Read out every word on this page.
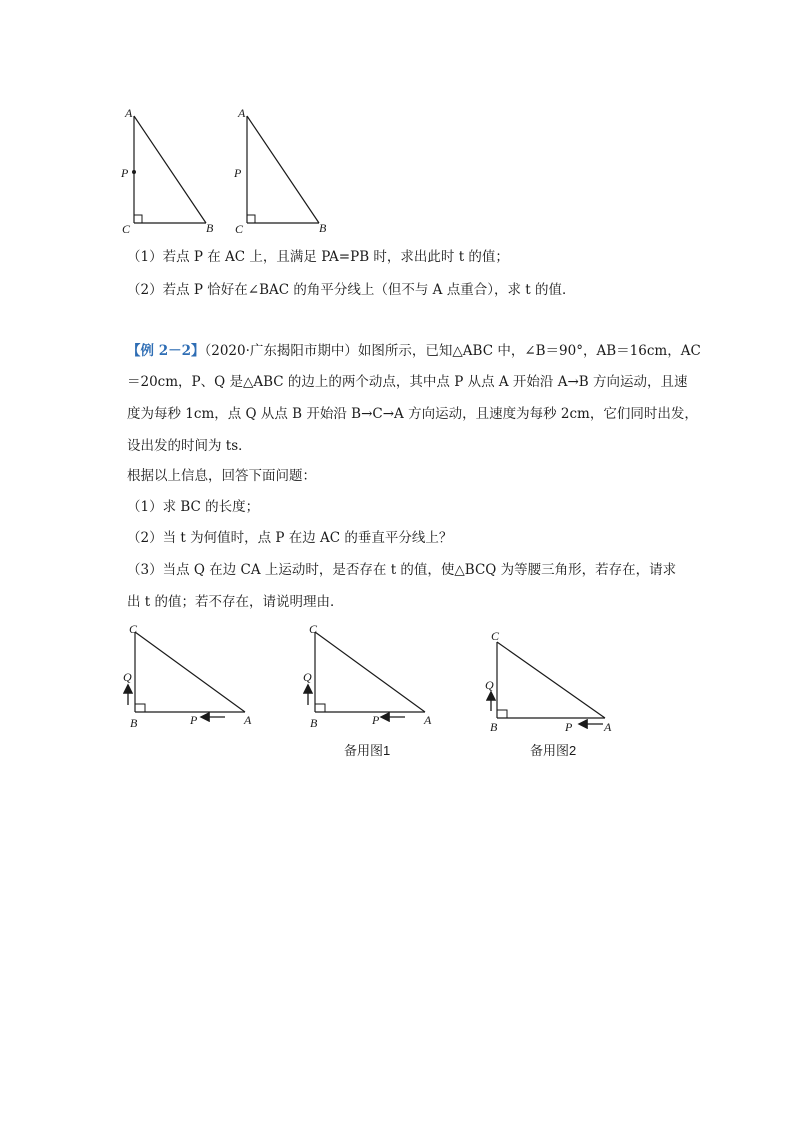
A
P
C	B
A
P
C	B
（1）若点 P 在 AC 上，且满足 PA=PB 时，求出此时 t 的值；
（2）若点 P 恰好在∠BAC 的角平分线上（但不与 A 点重合），求 t 的值．
【例 2－2】（2020·广东揭阳市期中）如图所示，已知△ABC 中，∠B＝90°，AB＝16cm，AC
＝20cm，P、Q 是△ABC 的边上的两个动点，其中点 P 从点 A 开始沿 A→B 方向运动，且速
度为每秒 1cm，点 Q 从点 B 开始沿 B→C→A 方向运动，且速度为每秒 2cm，它们同时出发，
设出发的时间为 ts．
根据以上信息，回答下面问题：
（1）求 BC 的长度；
（2）当 t 为何值时，点 P 在边 AC 的垂直平分线上？
（3）当点 Q 在边 CA 上运动时，是否存在 t 的值，使△BCQ 为等腰三角形，若存在，请求
出 t 的值；若不存在，请说明理由．
C
Q
B	P	A
C
Q
B	P	A
C
Q
B	P	A
备用图1	备用图2
